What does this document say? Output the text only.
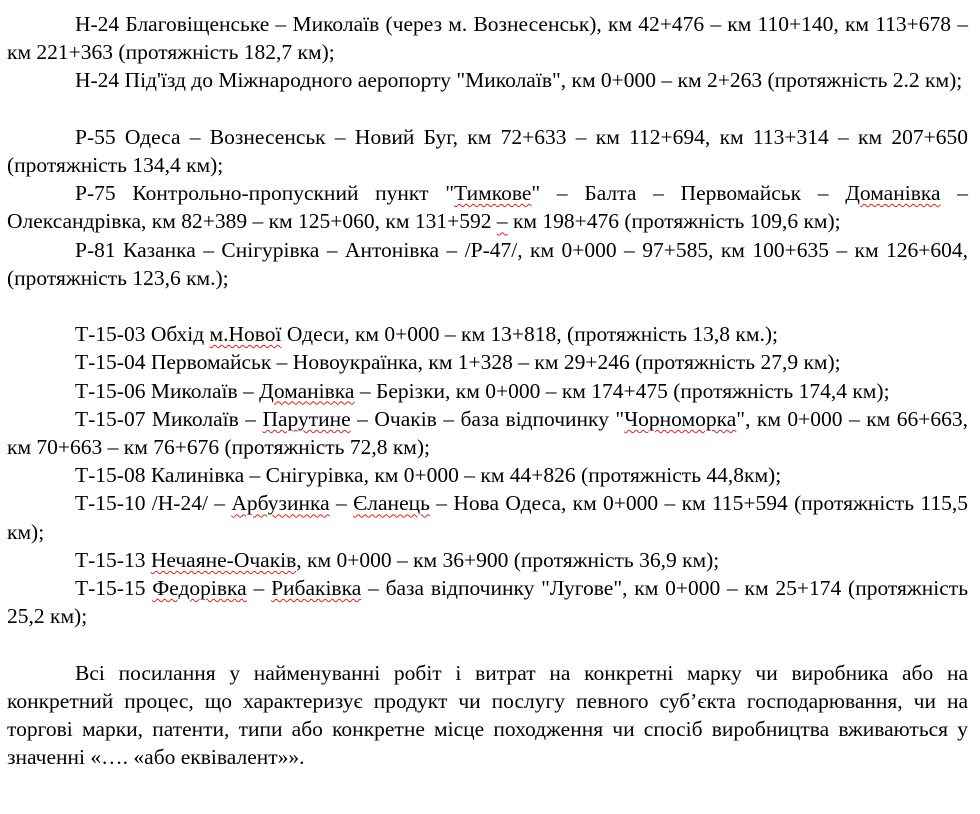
Н-24 Благовіщенське – Миколаїв (через м. Вознесенськ), км 42+476 – км 110+140, км 113+678 – км 221+363 (протяжність 182,7 км);

Н-24 Під'їзд до Міжнародного аеропорту "Миколаїв", км 0+000 – км 2+263 (протяжність 2.2 км);

Р-55 Одеса – Вознесенськ – Новий Буг, км 72+633 – км 112+694, км 113+314 – км 207+650 (протяжність 134,4 км);

Р-75 Контрольно-пропускний пункт "Тимкове" – Балта – Первомайськ – Доманівка – Олександрівка, км 82+389 – км 125+060, км 131+592 – км 198+476 (протяжність 109,6 км);

Р-81 Казанка – Снігурівка – Антонівка – /Р-47/, км 0+000 – 97+585, км 100+635 – км 126+604, (протяжність 123,6 км.);

Т-15-03 Обхід м.Нової Одеси, км 0+000 – км 13+818, (протяжність 13,8 км.);

Т-15-04 Первомайськ – Новоукраїнка, км 1+328 – км 29+246 (протяжність 27,9 км);

Т-15-06 Миколаїв – Доманівка – Берізки, км 0+000 – км 174+475 (протяжність 174,4 км);

Т-15-07 Миколаїв – Парутине – Очаків – база відпочинку "Чорноморка", км 0+000 – км 66+663, км 70+663 – км 76+676 (протяжність 72,8 км);

Т-15-08 Калинівка – Снігурівка, км 0+000 – км 44+826 (протяжність 44,8км);

Т-15-10 /Н-24/ – Арбузинка – Єланець – Нова Одеса, км 0+000 – км 115+594 (протяжність 115,5 км);

Т-15-13 Нечаяне-Очаків, км 0+000 – км 36+900 (протяжність 36,9 км);

Т-15-15 Федорівка – Рибаківка – база відпочинку "Лугове", км 0+000 – км 25+174 (протяжність 25,2 км);

Всі посилання у найменуванні робіт і витрат на конкретні марку чи виробника або на конкретний процес, що характеризує продукт чи послугу певного суб’єкта господарювання, чи на торгові марки, патенти, типи або конкретне місце походження чи спосіб виробництва вживаються у значенні «…. «або еквівалент»».
